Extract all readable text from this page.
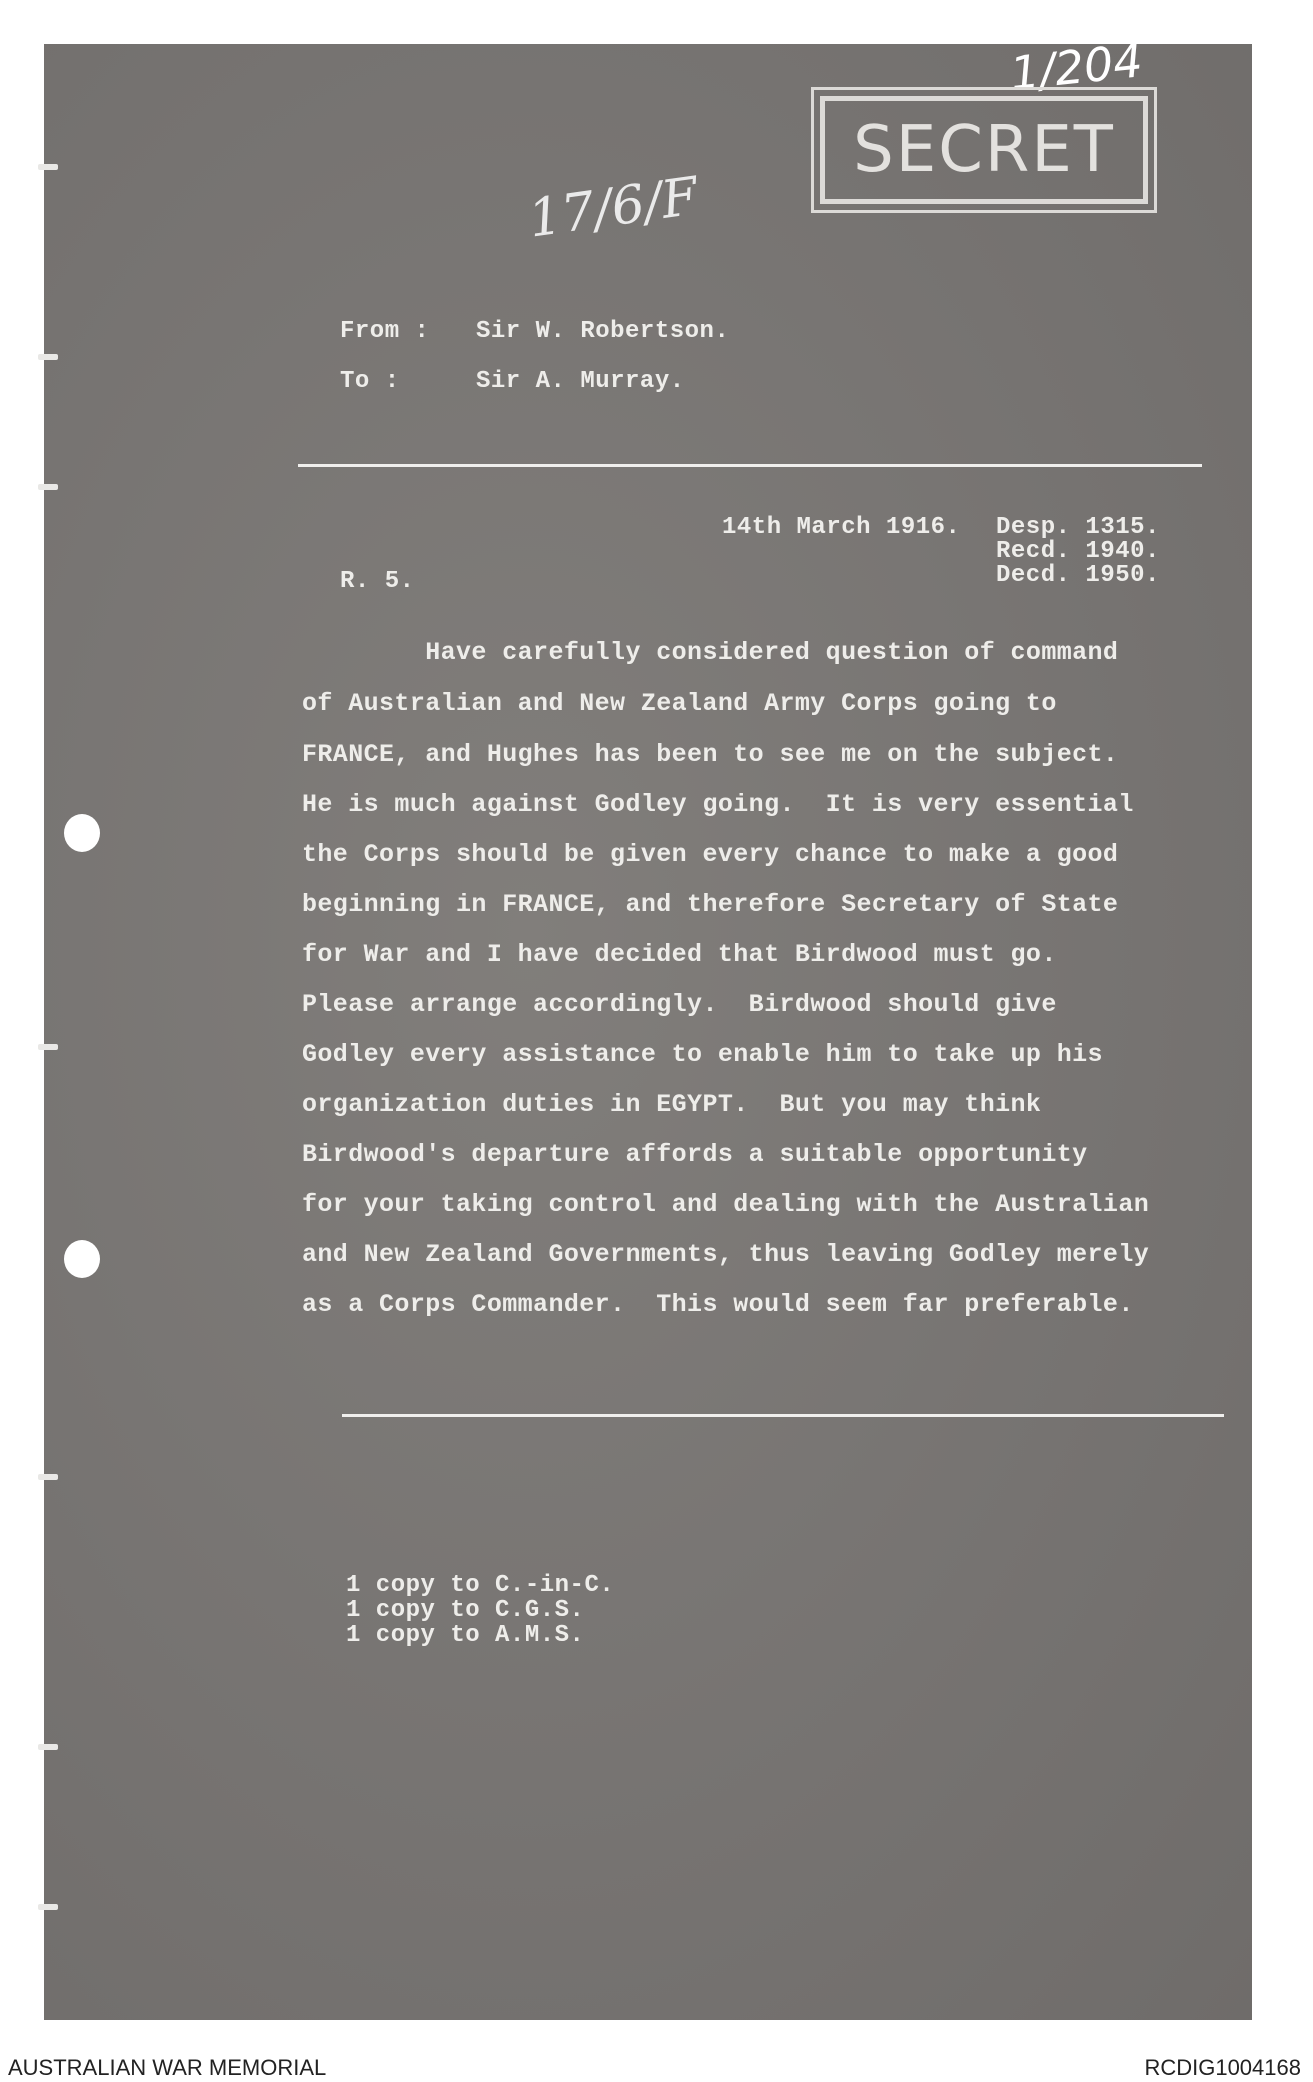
1/204
17/6/F
SECRET
From : Sir W. Robertson.
To :	Sir A. Murray.
14th March 1916. Desp. 1315.
Recd. 1940.
Decd. 1950.
R. 5.
Have carefully considered question of command
of Australian and New Zealand Army Corps going to
FRANCE, and Hughes has been to see me on the subject.
He is much against Godley going.  It is very essential
the Corps should be given every chance to make a good
beginning in FRANCE, and therefore Secretary of State
for War and I have decided that Birdwood must go.
Please arrange accordingly.  Birdwood should give
Godley every assistance to enable him to take up his
organization duties in EGYPT.  But you may think
Birdwood's departure affords a suitable opportunity
for your taking control and dealing with the Australian
and New Zealand Governments, thus leaving Godley merely
as a Corps Commander.  This would seem far preferable.
1 copy to C.-in-C.
1 copy to C.G.S.
1 copy to A.M.S.
AUSTRALIAN WAR MEMORIAL	RCDIG1004168
